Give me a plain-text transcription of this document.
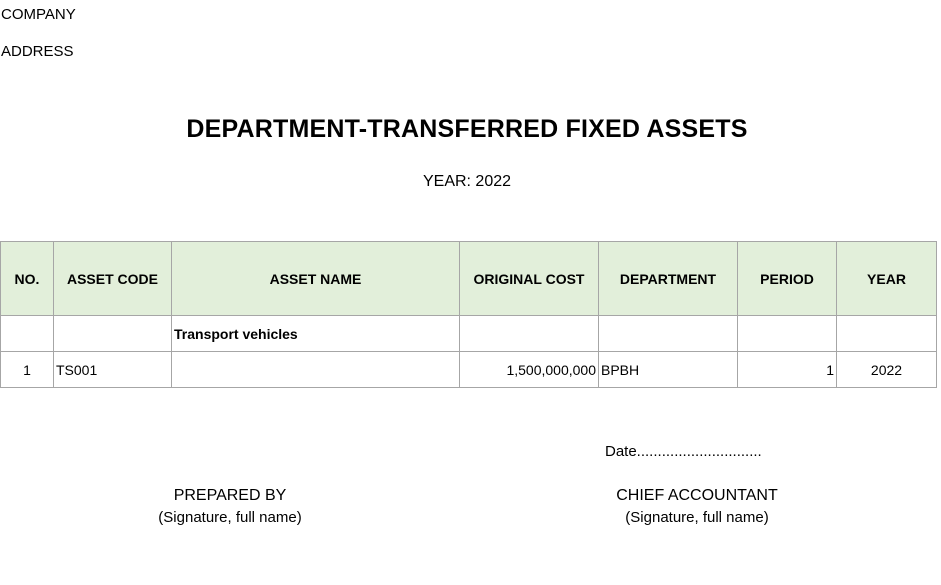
COMPANY
ADDRESS
DEPARTMENT-TRANSFERRED FIXED ASSETS
YEAR: 2022
NO.	ASSET CODE	ASSET NAME	ORIGINAL COST	DEPARTMENT	PERIOD	YEAR
		Transport vehicles				
1	TS001		1,500,000,000	BPBH	1	2022
Date..............................
PREPARED BY
(Signature, full name)
CHIEF ACCOUNTANT
(Signature, full name)
